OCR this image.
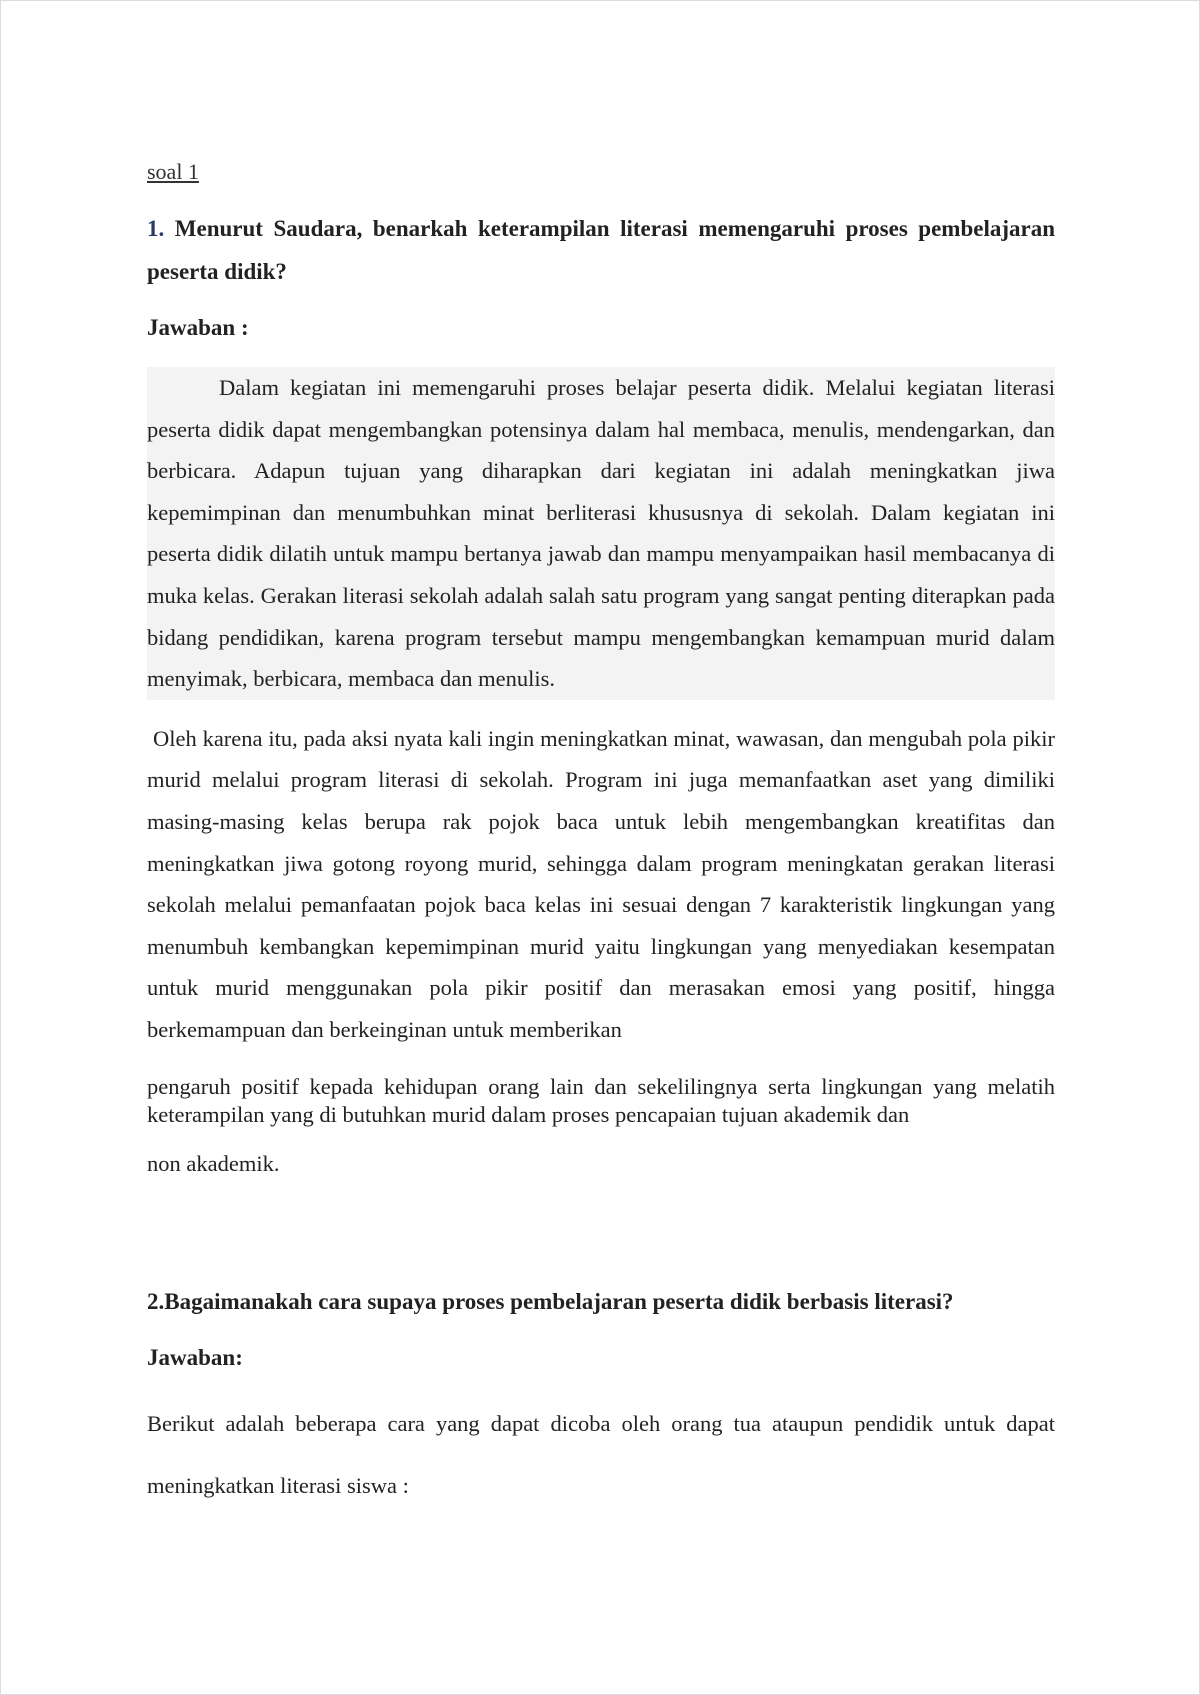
soal 1

1. Menurut Saudara, benarkah keterampilan literasi memengaruhi proses pembelajaran peserta didik?

Jawaban :

Dalam kegiatan ini memengaruhi proses belajar peserta didik. Melalui kegiatan literasi peserta didik dapat mengembangkan potensinya dalam hal membaca, menulis, mendengarkan, dan berbicara. Adapun tujuan yang diharapkan dari kegiatan ini adalah meningkatkan jiwa kepemimpinan dan menumbuhkan minat berliterasi khususnya di sekolah. Dalam kegiatan ini peserta didik dilatih untuk mampu bertanya jawab dan mampu menyampaikan hasil membacanya di muka kelas. Gerakan literasi sekolah adalah salah satu program yang sangat penting diterapkan pada bidang pendidikan, karena program tersebut mampu mengembangkan kemampuan murid dalam menyimak, berbicara, membaca dan menulis.

Oleh karena itu, pada aksi nyata kali ingin meningkatkan minat, wawasan, dan mengubah pola pikir murid melalui program literasi di sekolah. Program ini juga memanfaatkan aset yang dimiliki masing-masing kelas berupa rak pojok baca untuk lebih mengembangkan kreatifitas dan meningkatkan jiwa gotong royong murid, sehingga dalam program meningkatan gerakan literasi sekolah melalui pemanfaatan pojok baca kelas ini sesuai dengan 7 karakteristik lingkungan yang menumbuh kembangkan kepemimpinan murid yaitu lingkungan yang menyediakan kesempatan untuk murid menggunakan pola pikir positif dan merasakan emosi yang positif, hingga berkemampuan dan berkeinginan untuk memberikan

pengaruh positif kepada kehidupan orang lain dan sekelilingnya serta lingkungan yang melatih keterampilan yang di butuhkan murid dalam proses pencapaian tujuan akademik dan

non akademik.

2.Bagaimanakah cara supaya proses pembelajaran peserta didik berbasis literasi?

Jawaban:

Berikut adalah beberapa cara yang dapat dicoba oleh orang tua ataupun pendidik untuk dapat meningkatkan literasi siswa :
